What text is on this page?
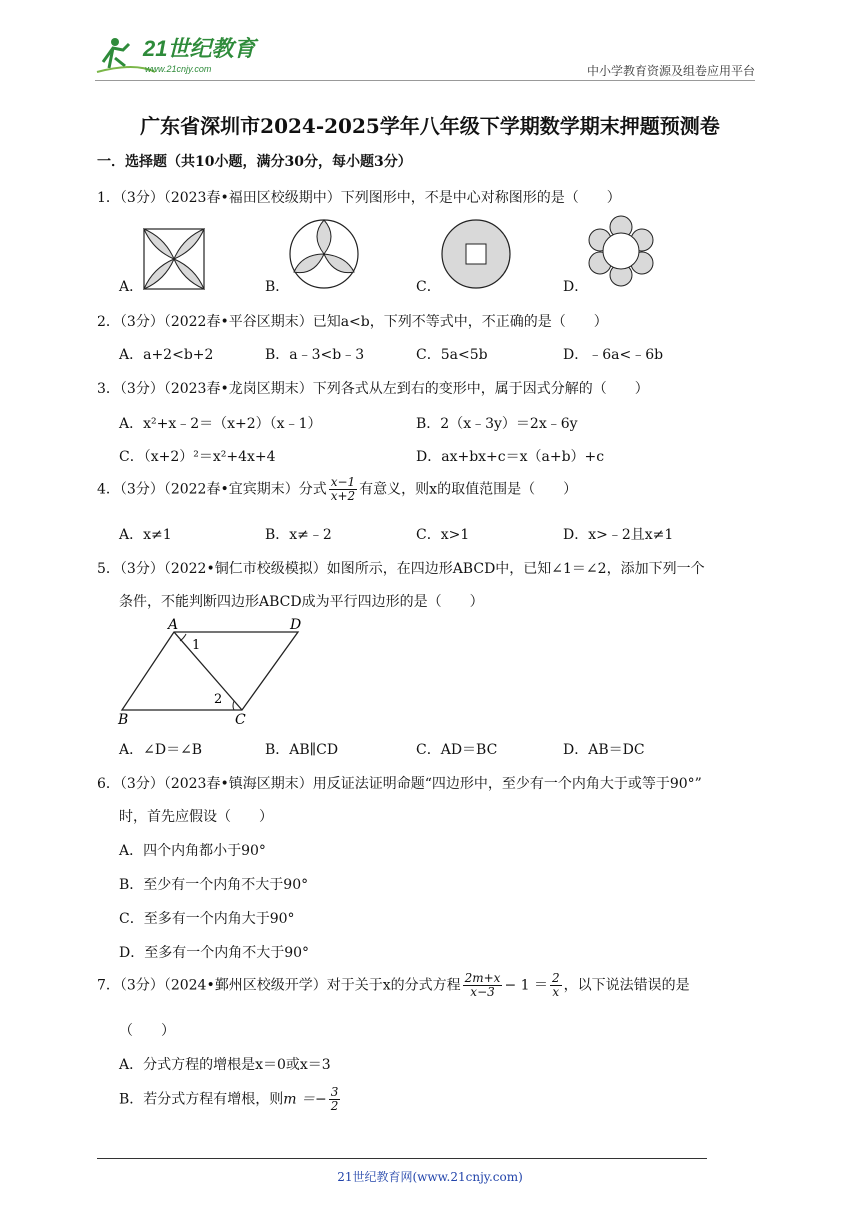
21世纪教育
www.21cnjy.com	中小学教育资源及组卷应用平台
广东省深圳市2024-2025学年八年级下学期数学期末押题预测卷
一．选择题（共10小题，满分30分，每小题3分）
1．（3分）（2023春•福田区校级期中）下列图形中，不是中心对称图形的是（　　）
A．	B．	C．	D．
2．（3分）（2022春•平谷区期末）已知a<b，下列不等式中，不正确的是（　　）
A．a+2<b+2	B．a﹣3<b﹣3	C．5a<5b	D．﹣6a<﹣6b
3．（3分）（2023春•龙岗区期末）下列各式从左到右的变形中，属于因式分解的（　　）
A．x²+x﹣2＝（x+2）（x﹣1）	B．2（x﹣3y）＝2x﹣6y
C．（x+2）²＝x²+4x+4	D．ax+bx+c＝x（a+b）+c
4．（3分）（2022春•宜宾期末）分式 $\frac{x-1}{x+2}$ 有意义，则x的取值范围是（　　）
A．x≠1	B．x≠﹣2	C．x>1	D．x>﹣2且x≠1
5．（3分）（2022•铜仁市校级模拟）如图所示，在四边形ABCD中，已知∠1＝∠2，添加下列一个
条件，不能判断四边形ABCD成为平行四边形的是（　　）
A	D
B	C
1
2
A．∠D＝∠B	B．AB∥CD	C．AD＝BC	D．AB＝DC
6．（3分）（2023春•镇海区期末）用反证法证明命题“四边形中，至少有一个内角大于或等于90°”
时，首先应假设（　　）
A．四个内角都小于90°
B．至少有一个内角不大于90°
C．至多有一个内角大于90°
D．至多有一个内角不大于90°
7．（3分）（2024•鄞州区校级开学）对于关于x的分式方程 $\frac{2m+x}{x-3} - 1 = \frac{2}{x}$ ，以下说法错误的是
（　　）
A．分式方程的增根是x＝0或x＝3
B．若分式方程有增根，则$m =- \frac{3}{2}$
21世纪教育网(www.21cnjy.com)
